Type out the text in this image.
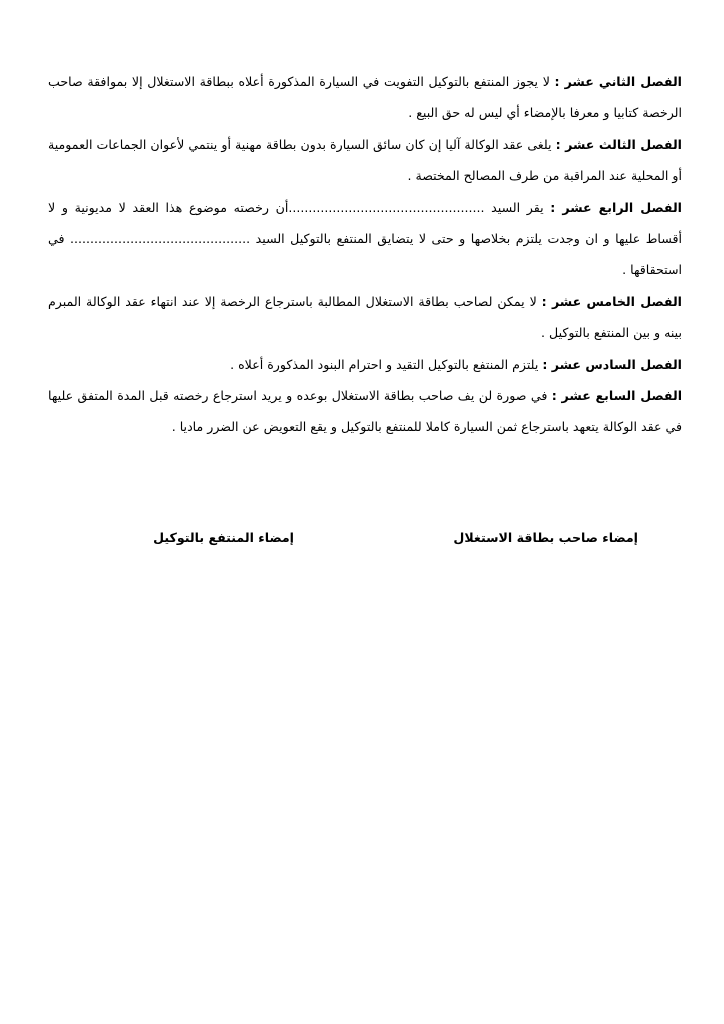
الفصل الثاني عشر : لا يجوز المنتفع بالتوكيل التفويت في السيارة المذكورة أعلاه ببطاقة الاستغلال إلا بموافقة صاحب الرخصة كتابيا و معرفا بالإمضاء أي ليس له حق البيع .

الفصل الثالث عشر : يلغى عقد الوكالة آليا إن كان سائق السيارة بدون بطاقة مهنية أو ينتمي لأعوان الجماعات العمومية أو المحلية عند المراقبة من طرف المصالح المختصة .

الفصل الرابع عشر : يقر السيد .................................................أن رخصته موضوع هذا العقد لا مديونية و لا أقساط عليها و ان وجدت يلتزم بخلاصها و حتى لا يتضايق المنتفع بالتوكيل السيد ............................................. في استحقاقها .

الفصل الخامس عشر : لا يمكن لصاحب بطاقة الاستغلال المطالبة باسترجاع الرخصة إلا عند انتهاء عقد الوكالة المبرم بينه و بين المنتفع بالتوكيل .

الفصل السادس عشر : يلتزم المنتفع بالتوكيل التقيد و احترام البنود المذكورة أعلاه .

الفصل السابع عشر : في صورة لن يف صاحب بطاقة الاستغلال بوعده و يريد استرجاع رخصته قبل المدة المتفق عليها في عقد الوكالة يتعهد باسترجاع ثمن السيارة كاملا للمنتفع بالتوكيل و يقع التعويض عن الضرر ماديا .

إمضاء صاحب بطاقة الاستغلال
إمضاء المنتفع بالتوكيل
